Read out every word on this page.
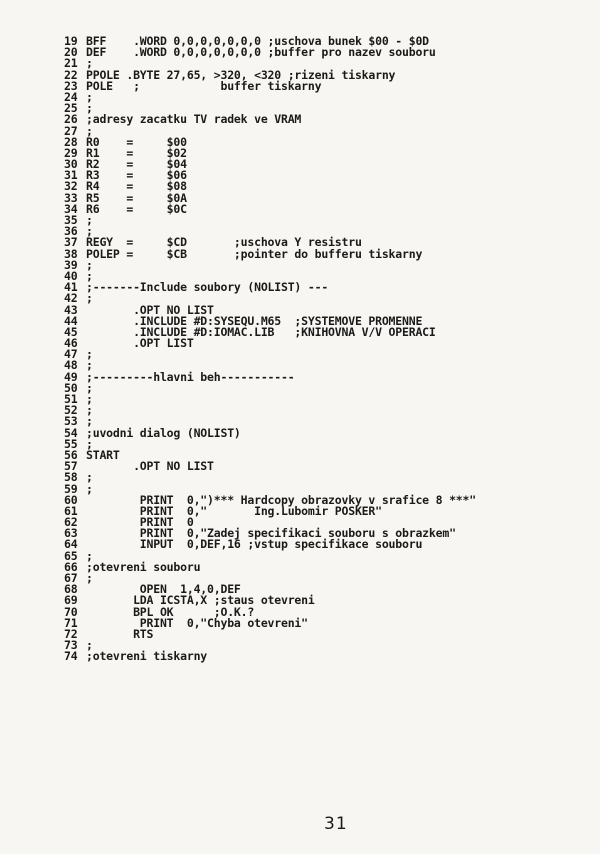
19 BFF    .WORD 0,0,0,0,0,0,0 ;uschova bunek $00 - $0D
20 DEF    .WORD 0,0,0,0,0,0,0 ;buffer pro nazev souboru
21 ;
22 PPOLE .BYTE 27,65, >320, <320 ;rizeni tiskarny
23 POLE   ;            buffer tiskarny
24 ;
25 ;
26 ;adresy zacatku TV radek ve VRAM
27 ;
28 R0    =     $00
29 R1    =     $02
30 R2    =     $04
31 R3    =     $06
32 R4    =     $08
33 R5    =     $0A
34 R6    =     $0C
35 ;
36 ;
37 REGY  =     $CD       ;uschova Y resistru
38 POLEP =     $CB       ;pointer do bufferu tiskarny
39 ;
40 ;
41 ;-------Include soubory (NOLIST) ---
42 ;
43       .OPT NO LIST
44       .INCLUDE #D:SYSEQU.M65  ;SYSTEMOVE PROMENNE
45       .INCLUDE #D:IOMAC.LIB   ;KNIHOVNA V/V OPERACI
46       .OPT LIST
47 ;
48 ;
49 ;---------hlavni beh-----------
50 ;
51 ;
52 ;
53 ;
54 ;uvodni dialog (NOLIST)
55 ;
56 START
57       .OPT NO LIST
58 ;
59 ;
60        PRINT  0,")*** Hardcopy obrazovky v srafice 8 ***"
61        PRINT  0,"       Ing.Lubomir POSKER"
62        PRINT  0
63        PRINT  0,"Zadej specifikaci souboru s obrazkem"
64        INPUT  0,DEF,16 ;vstup specifikace souboru
65 ;
66 ;otevreni souboru
67 ;
68        OPEN  1,4,0,DEF
69       LDA ICSTA,X ;staus otevreni
70       BPL OK      ;O.K.?
71        PRINT  0,"Chyba otevreni"
72       RTS
73 ;
74 ;otevreni tiskarny
31
